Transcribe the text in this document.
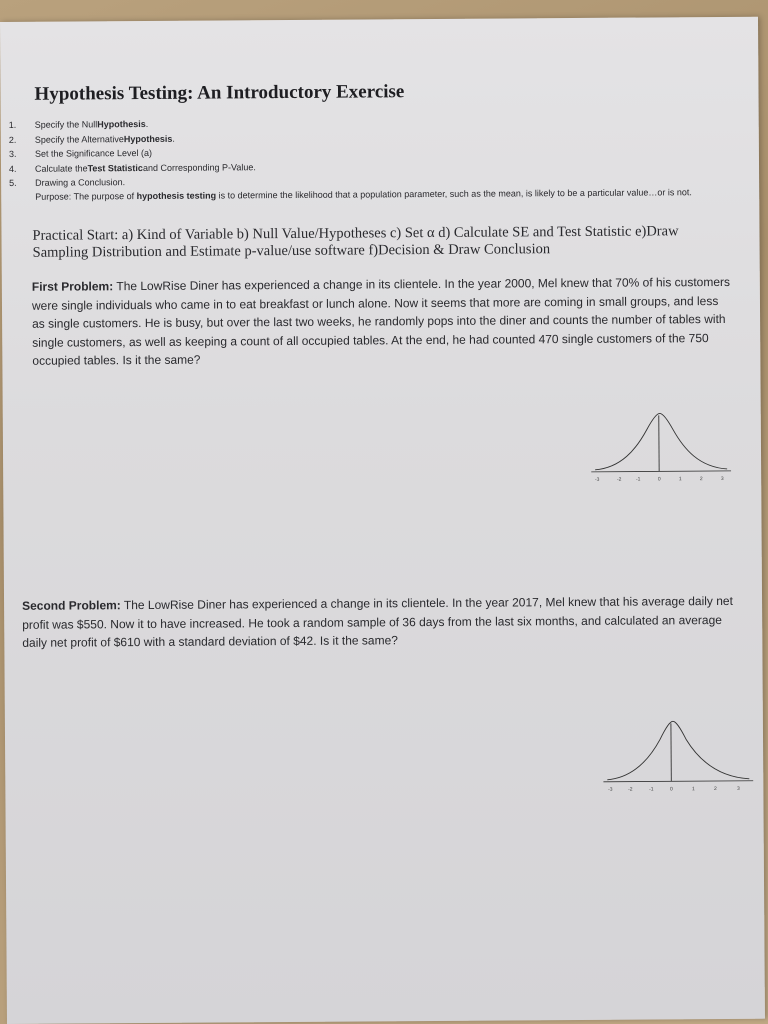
Hypothesis Testing: An Introductory Exercise
1.	Specify the Null Hypothesis .
2.	Specify the Alternative Hypothesis .
3.	Set the Significance Level (a)
4.	Calculate the Test Statistic and Corresponding P-Value.
5.	Drawing a Conclusion.

Purpose: The purpose of hypothesis testing is to determine the likelihood that a population parameter, such as the mean, is likely to be a particular value…or is not.

Practical Start: a) Kind of Variable b) Null Value/Hypotheses c) Set α d) Calculate SE and Test Statistic e)Draw Sampling Distribution and Estimate p-value/use software f)Decision & Draw Conclusion

First Problem: The LowRise Diner has experienced a change in its clientele. In the year 2000, Mel knew that 70% of his customers were single individuals who came in to eat breakfast or lunch alone. Now it seems that more are coming in small groups, and less as single customers. He is busy, but over the last two weeks, he randomly pops into the diner and counts the number of tables with single customers, as well as keeping a count of all occupied tables. At the end, he had counted 470 single customers of the 750 occupied tables. Is it the same?

-3	-2	-1	0	1	2	3

Second Problem: The LowRise Diner has experienced a change in its clientele. In the year 2017, Mel knew that his average daily net profit was $550. Now it to have increased. He took a random sample of 36 days from the last six months, and calculated an average daily net profit of $610 with a standard deviation of $42. Is it the same?

-3	-2	-1	0	1	2	3
